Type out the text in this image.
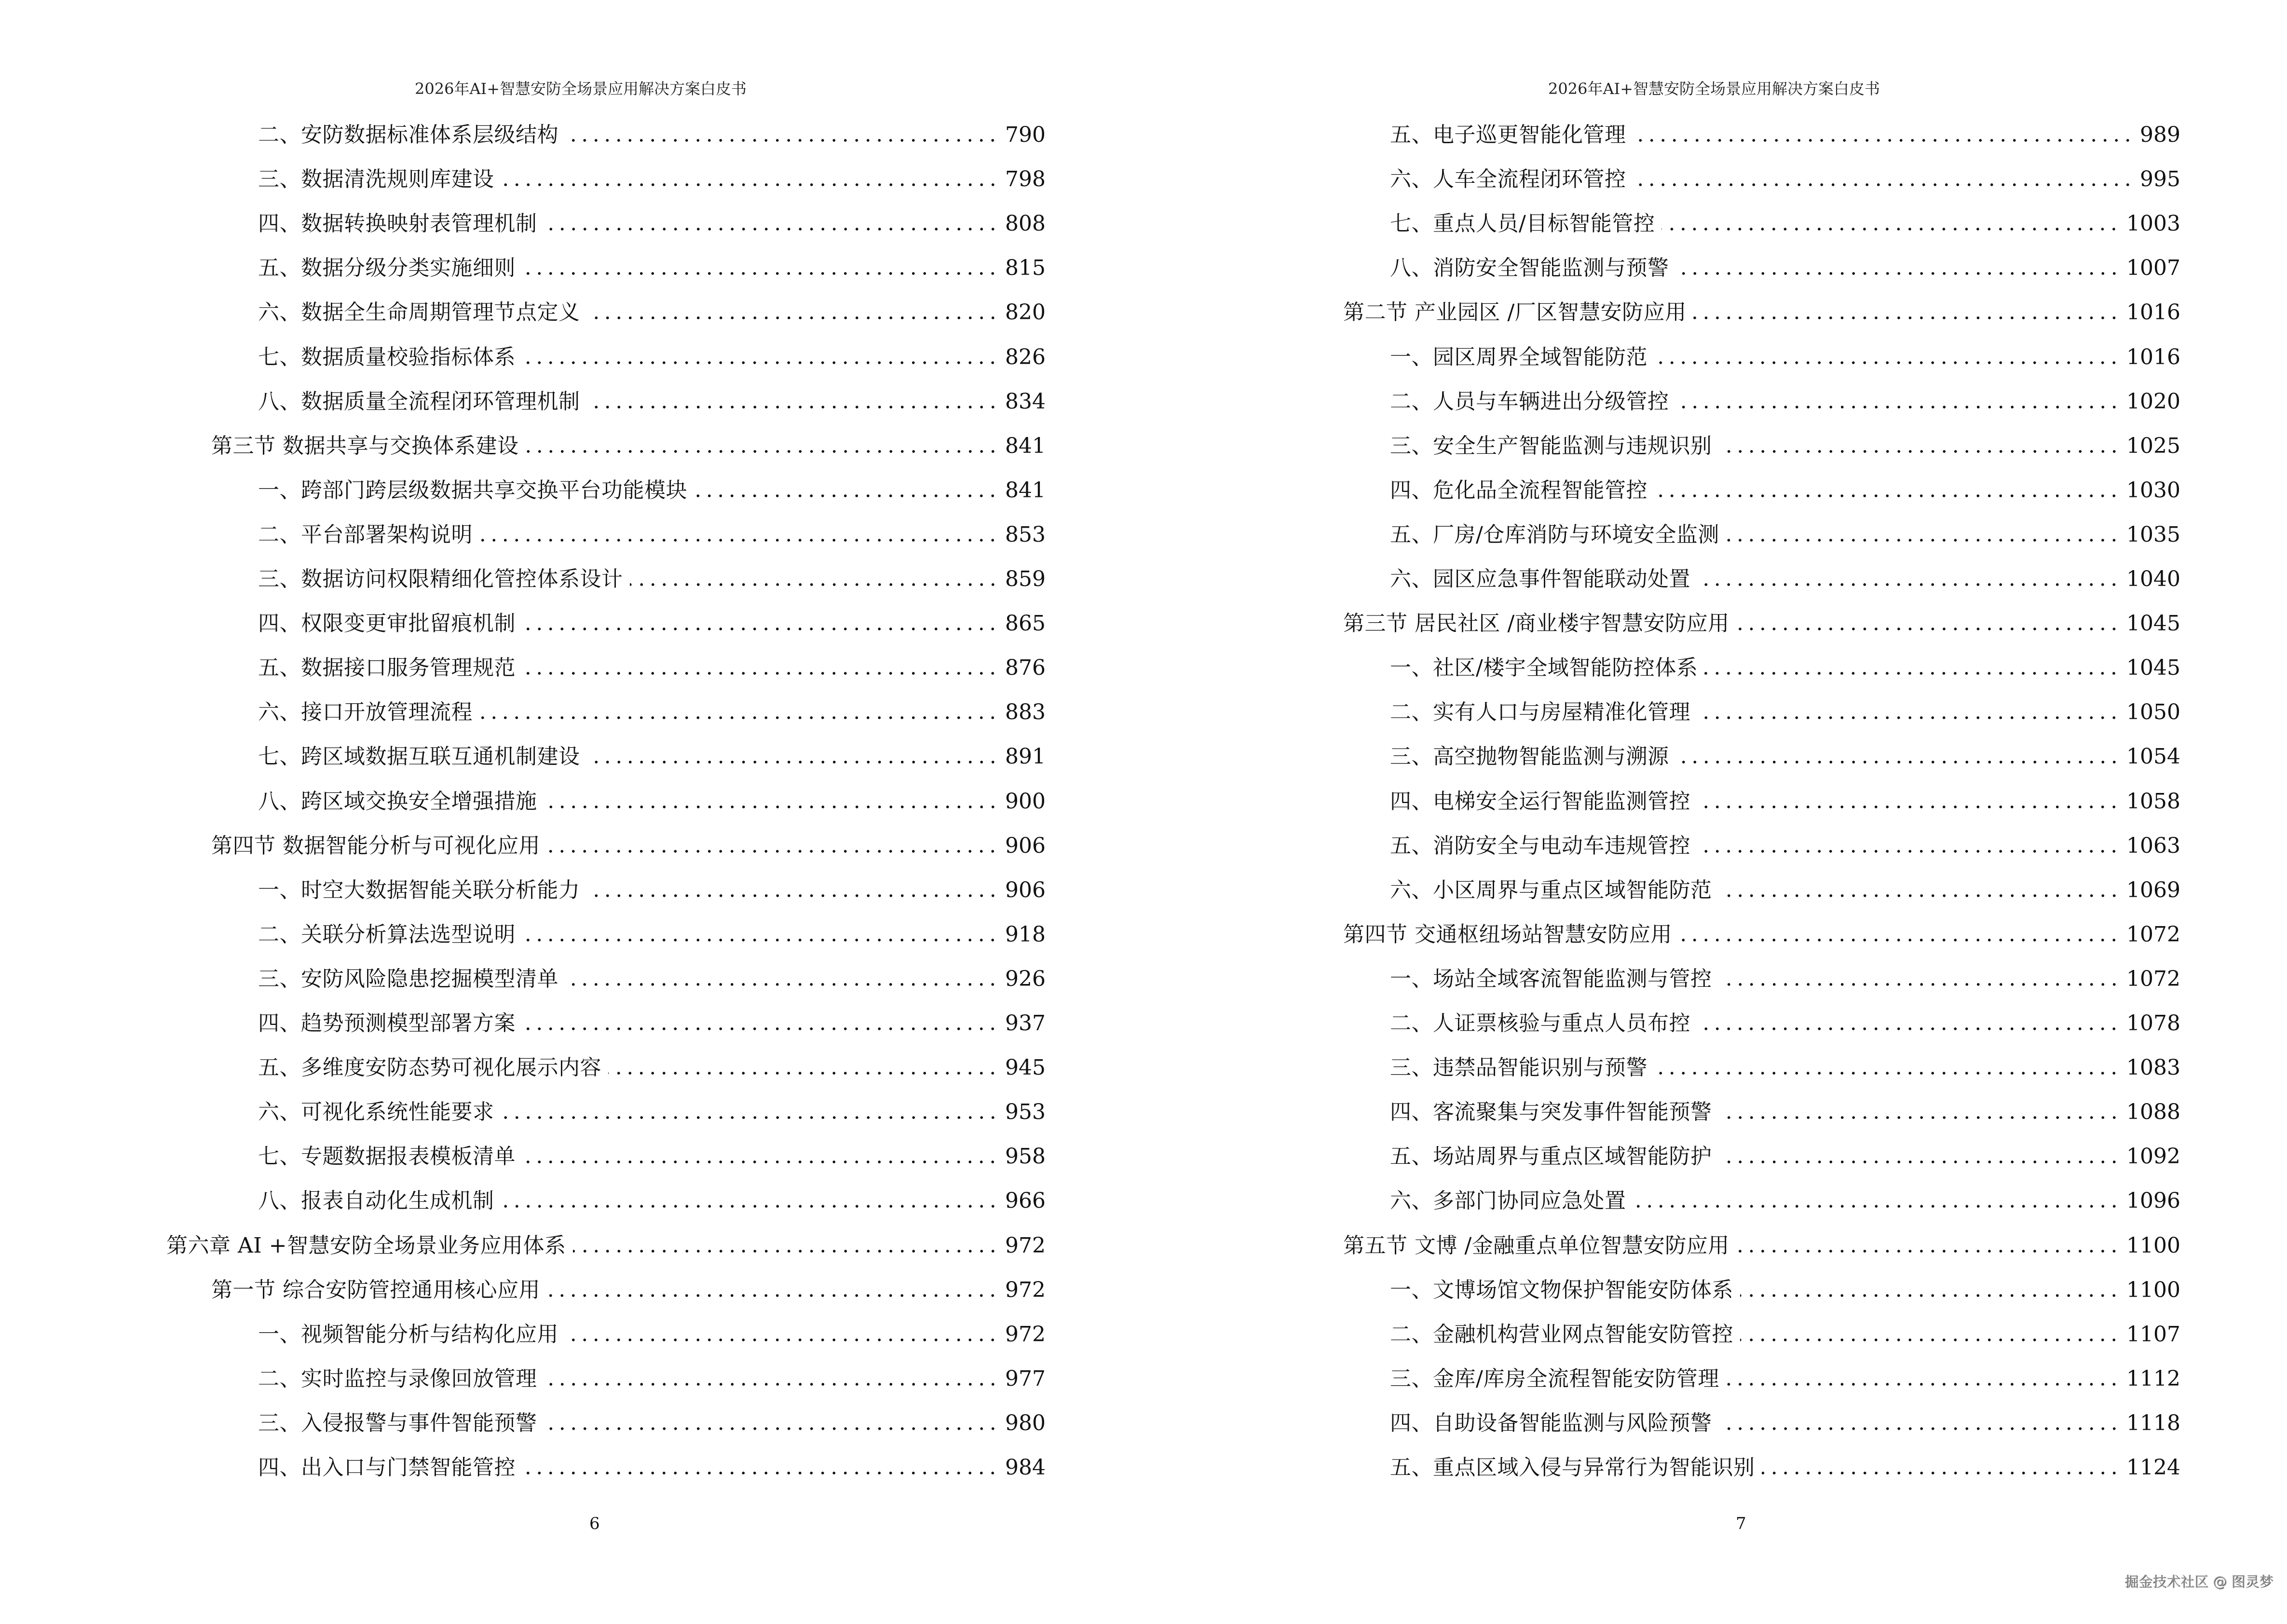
2026年AI+智慧安防全场景应用解决方案白皮书
二、安防数据标准体系层级结构	790
三、数据清洗规则库建设	798
四、数据转换映射表管理机制	808
五、数据分级分类实施细则	815
六、数据全生命周期管理节点定义	820
七、数据质量校验指标体系	826
八、数据质量全流程闭环管理机制	834
第三节 数据共享与交换体系建设	841
一、跨部门跨层级数据共享交换平台功能模块	841
二、平台部署架构说明	853
三、数据访问权限精细化管控体系设计	859
四、权限变更审批留痕机制	865
五、数据接口服务管理规范	876
六、接口开放管理流程	883
七、跨区域数据互联互通机制建设	891
八、跨区域交换安全增强措施	900
第四节 数据智能分析与可视化应用	906
一、时空大数据智能关联分析能力	906
二、关联分析算法选型说明	918
三、安防风险隐患挖掘模型清单	926
四、趋势预测模型部署方案	937
五、多维度安防态势可视化展示内容	945
六、可视化系统性能要求	953
七、专题数据报表模板清单	958
八、报表自动化生成机制	966
第六章 AI +智慧安防全场景业务应用体系	972
第一节 综合安防管控通用核心应用	972
一、视频智能分析与结构化应用	972
二、实时监控与录像回放管理	977
三、入侵报警与事件智能预警	980
四、出入口与门禁智能管控	984
6
2026年AI+智慧安防全场景应用解决方案白皮书
五、电子巡更智能化管理	989
六、人车全流程闭环管控	995
七、重点人员/目标智能管控	1003
八、消防安全智能监测与预警	1007
第二节 产业园区 /厂区智慧安防应用	1016
一、园区周界全域智能防范	1016
二、人员与车辆进出分级管控	1020
三、安全生产智能监测与违规识别	1025
四、危化品全流程智能管控	1030
五、厂房/仓库消防与环境安全监测	1035
六、园区应急事件智能联动处置	1040
第三节 居民社区 /商业楼宇智慧安防应用	1045
一、社区/楼宇全域智能防控体系	1045
二、实有人口与房屋精准化管理	1050
三、高空抛物智能监测与溯源	1054
四、电梯安全运行智能监测管控	1058
五、消防安全与电动车违规管控	1063
六、小区周界与重点区域智能防范	1069
第四节 交通枢纽场站智慧安防应用	1072
一、场站全域客流智能监测与管控	1072
二、人证票核验与重点人员布控	1078
三、违禁品智能识别与预警	1083
四、客流聚集与突发事件智能预警	1088
五、场站周界与重点区域智能防护	1092
六、多部门协同应急处置	1096
第五节 文博 /金融重点单位智慧安防应用	1100
一、文博场馆文物保护智能安防体系	1100
二、金融机构营业网点智能安防管控	1107
三、金库/库房全流程智能安防管理	1112
四、自助设备智能监测与风险预警	1118
五、重点区域入侵与异常行为智能识别	1124
7
掘金技术社区 @ 图灵梦
